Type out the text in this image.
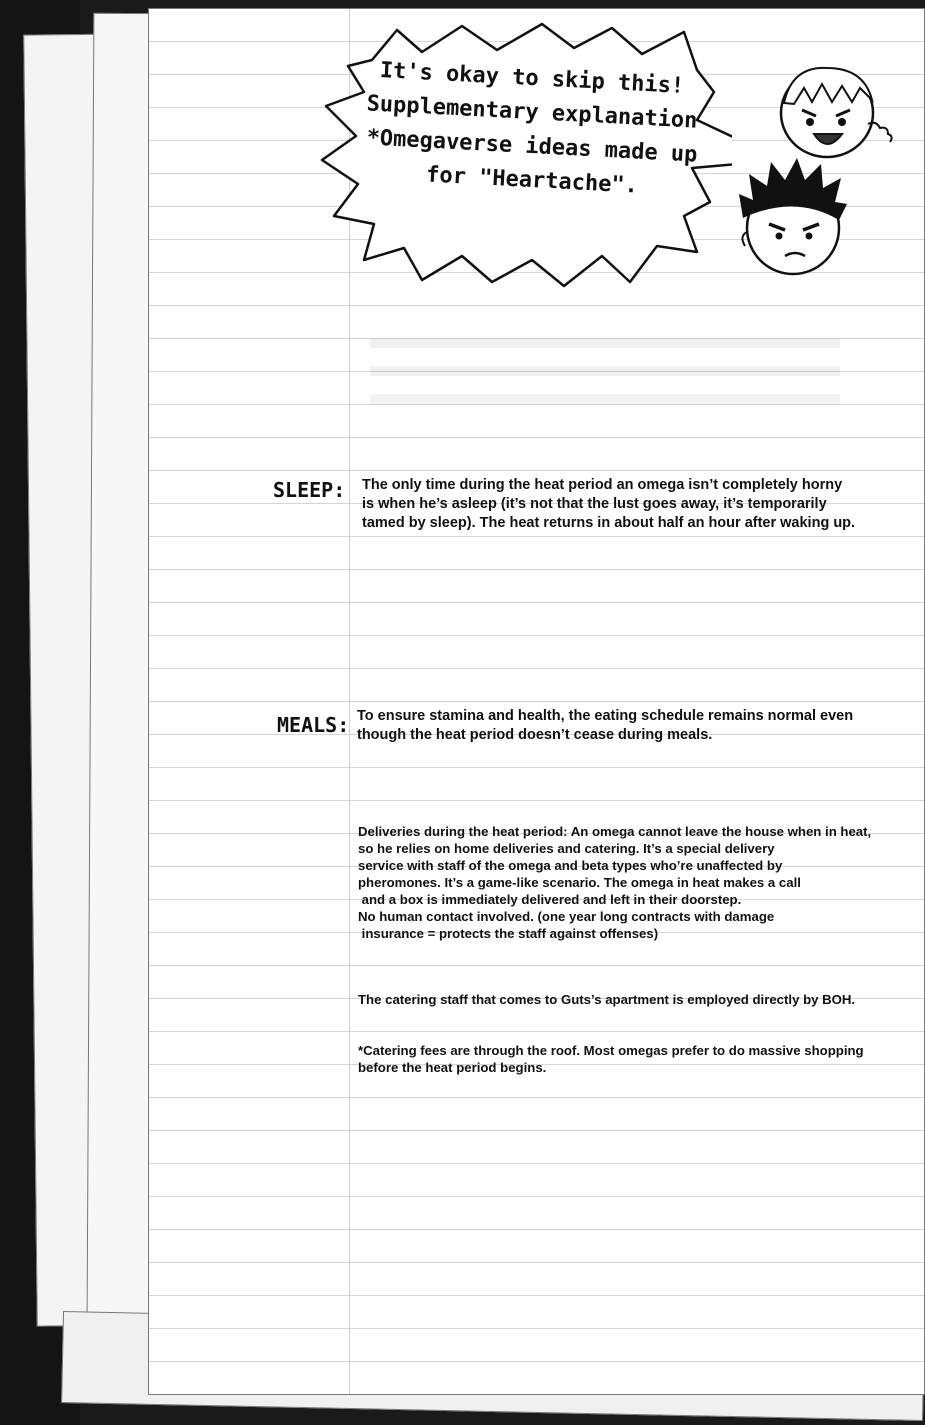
It's okay to skip this!
Supplementary explanation
*Omegaverse ideas made up
for "Heartache".
SLEEP: The only time during the heat period an omega isn’t completely horny
is when he’s asleep (it’s not that the lust goes away, it’s temporarily
tamed by sleep). The heat returns in about half an hour after waking up.
MEALS: To ensure stamina and health, the eating schedule remains normal even
though the heat period doesn’t cease during meals.
Deliveries during the heat period: An omega cannot leave the house when in heat,
so he relies on home deliveries and catering. It’s a special delivery
service with staff of the omega and beta types who’re unaffected by
pheromones. It’s a game-like scenario. The omega in heat makes a call
and a box is immediately delivered and left in their doorstep.
No human contact involved. (one year long contracts with damage
insurance = protects the staff against offenses)
The catering staff that comes to Guts’s apartment is employed directly by BOH.
*Catering fees are through the roof. Most omegas prefer to do massive shopping
before the heat period begins.
